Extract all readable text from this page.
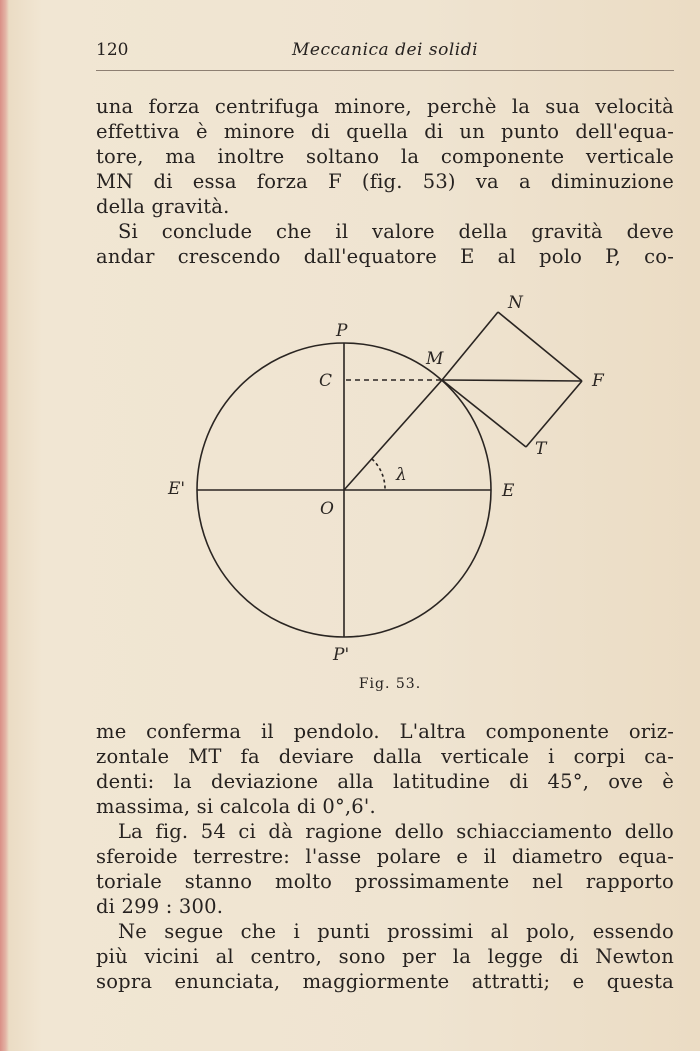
120	Meccanica dei solidi
una forza centrifuga minore, perchè la sua velocità
effettiva è minore di quella di un punto dell'equa-
tore, ma inoltre soltano la componente verticale
MN di essa forza F (fig. 53) va a diminuzione
della gravità.
Si conclude che il valore della gravità deve
andar crescendo dall'equatore E al polo P, co-
N
P
M
C	F
T
E'
λ
E
O
P'
Fig. 53.
me conferma il pendolo. L'altra componente oriz-
zontale MT fa deviare dalla verticale i corpi ca-
denti: la deviazione alla latitudine di 45°, ove è
massima, si calcola di 0°,6'.
La fig. 54 ci dà ragione dello schiacciamento dello
sferoide terrestre: l'asse polare e il diametro equa-
toriale stanno molto prossimamente nel rapporto
di 299 : 300.
Ne segue che i punti prossimi al polo, essendo
più vicini al centro, sono per la legge di Newton
sopra enunciata, maggiormente attratti; e questa
